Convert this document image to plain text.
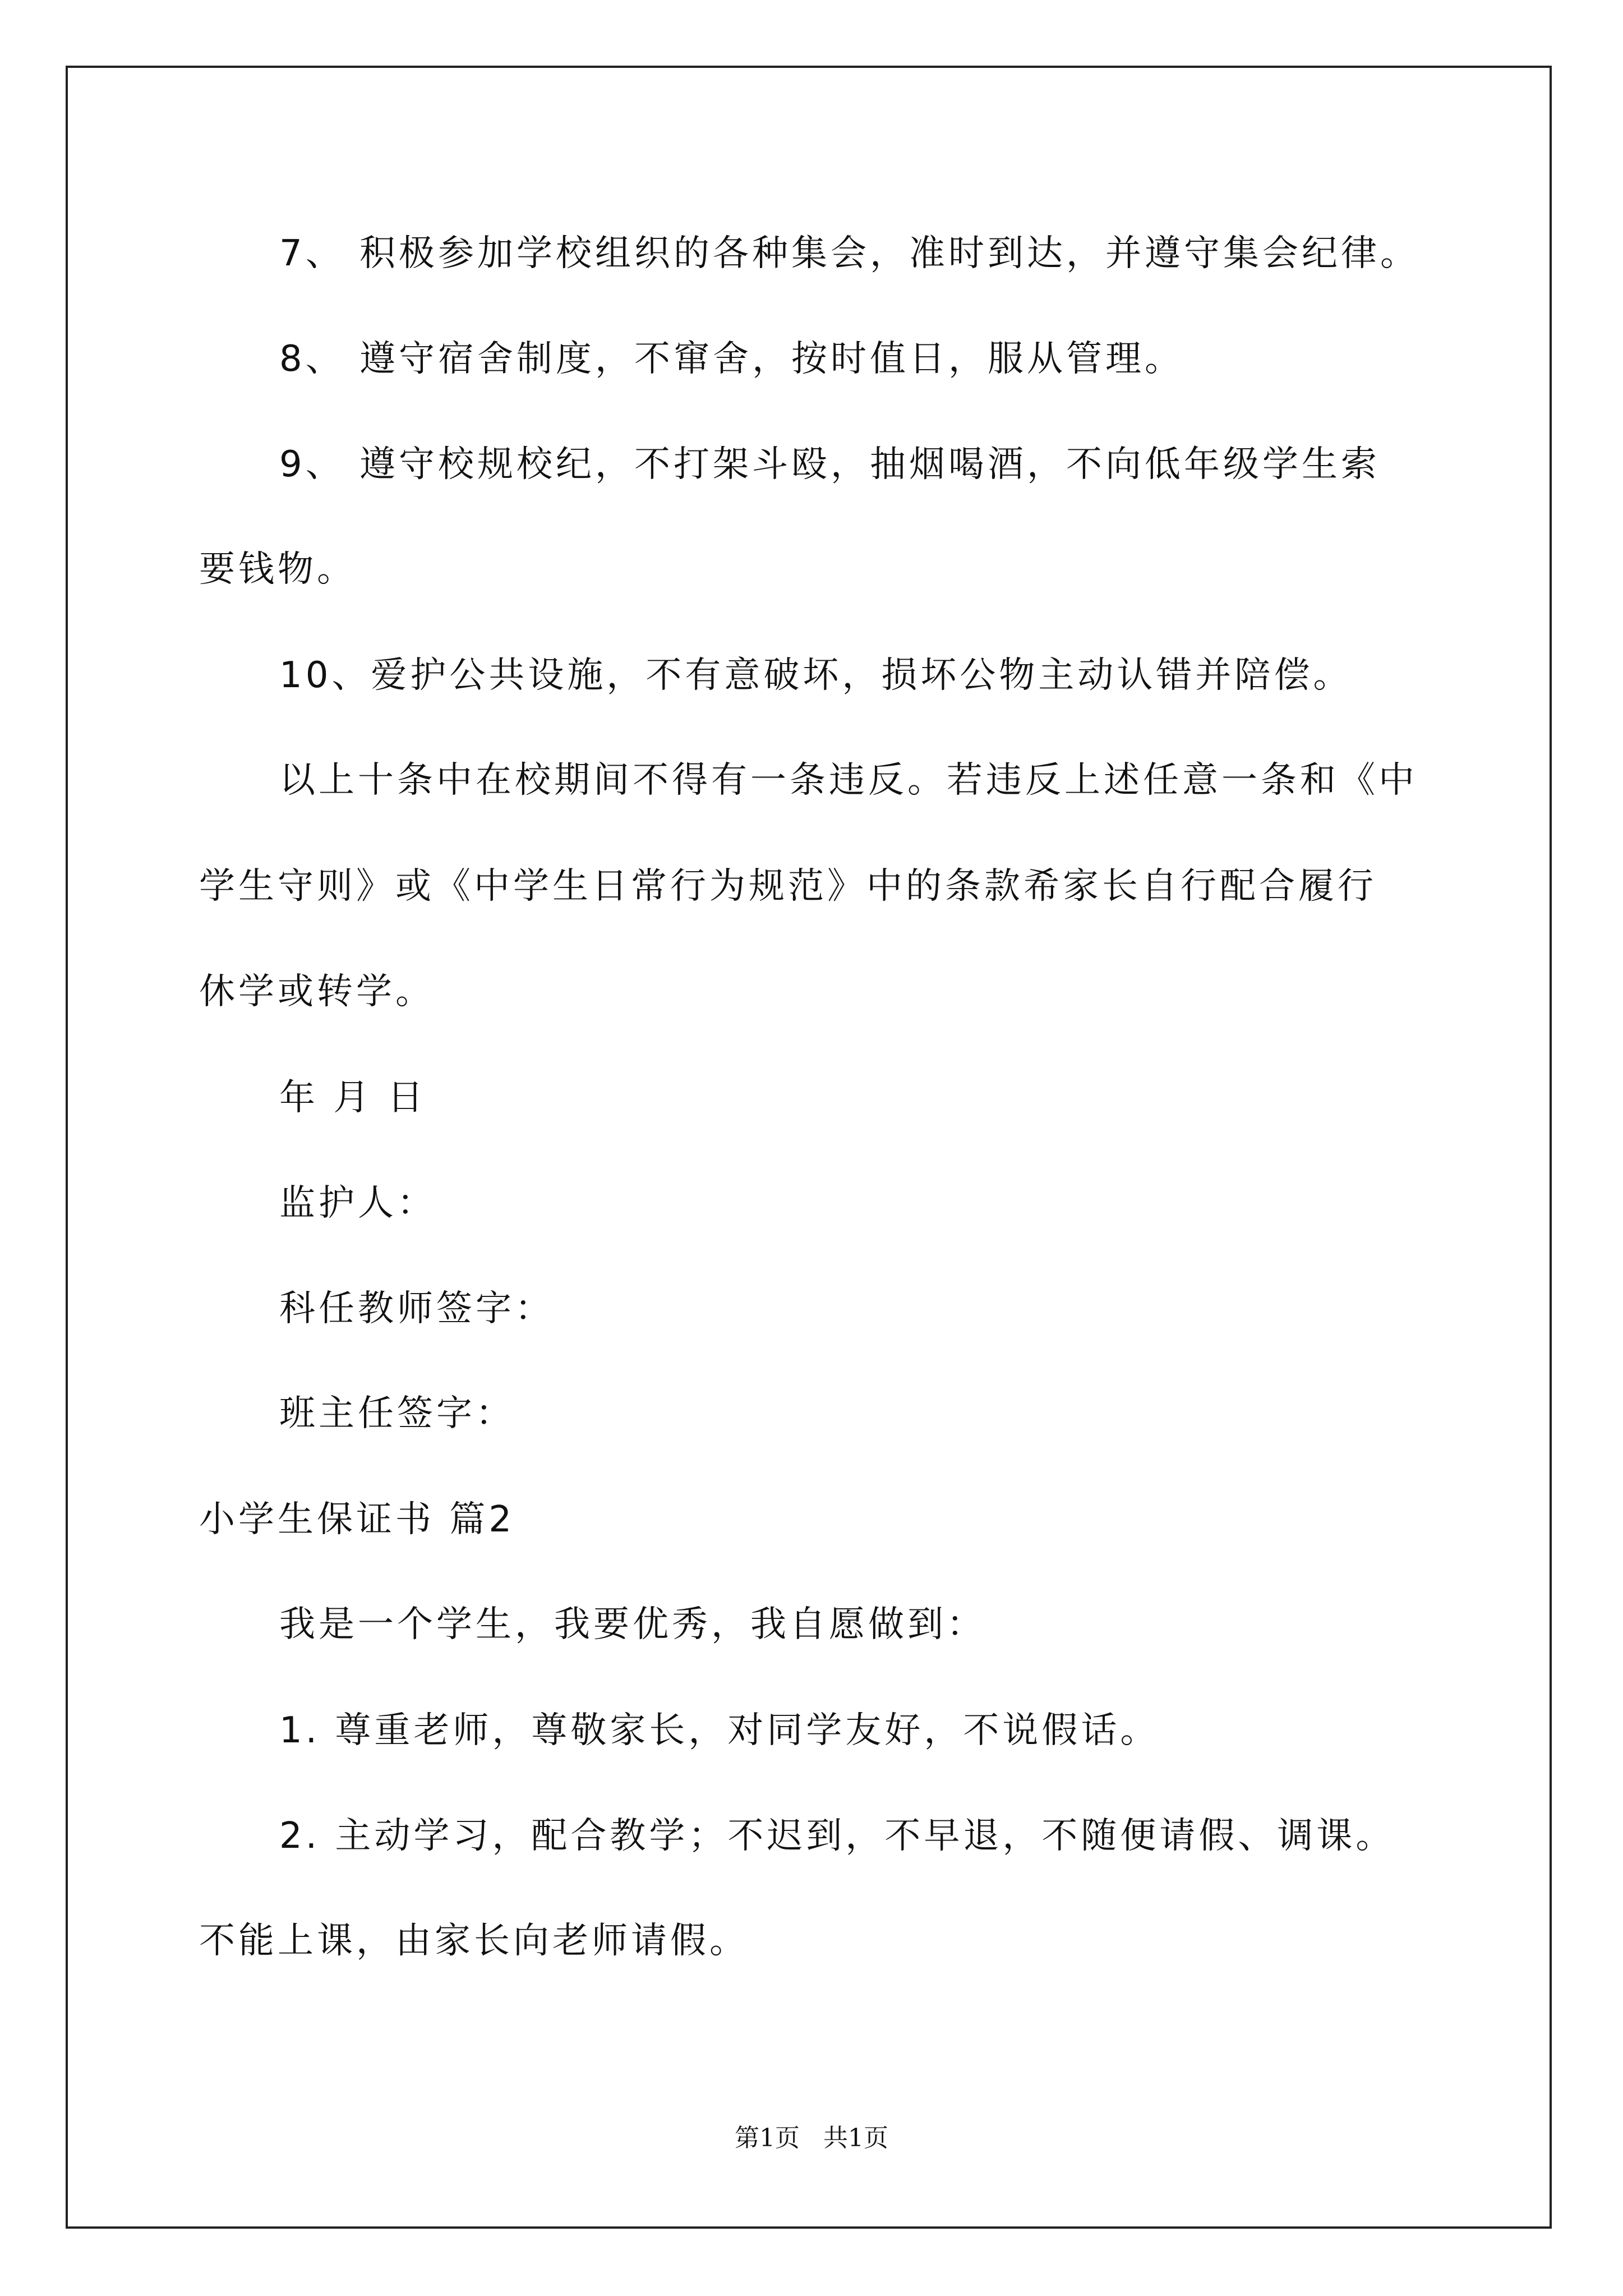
7、 积极参加学校组织的各种集会，准时到达，并遵守集会纪律。
8、 遵守宿舍制度，不窜舍，按时值日，服从管理。
9、 遵守校规校纪，不打架斗殴，抽烟喝酒，不向低年级学生索
要钱物。
10、爱护公共设施，不有意破坏，损坏公物主动认错并陪偿。
以上十条中在校期间不得有一条违反。若违反上述任意一条和《中
学生守则》或《中学生日常行为规范》中的条款希家长自行配合履行
休学或转学。
年 月 日
监护人：
科任教师签字：
班主任签字：
小学生保证书 篇2
我是一个学生，我要优秀，我自愿做到：
1. 尊重老师，尊敬家长，对同学友好，不说假话。
2. 主动学习，配合教学；不迟到，不早退，不随便请假、调课。
不能上课，由家长向老师请假。
第1页 共1页
